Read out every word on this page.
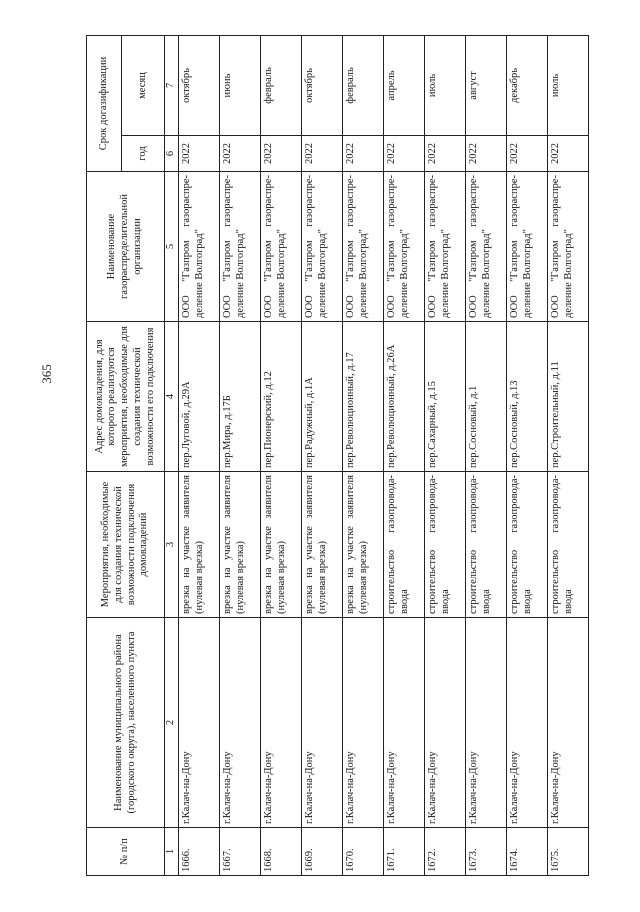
365
№ п/п	Наименование муниципального района (городского округа), населенного пункта	Мероприятия, необходимые для создания технической возможности подключения домовладений	Адрес домовладения, для которого реализуются мероприятия, необходимые для создания технической возможности его подключения	Наименование газораспределительной организации	Срок догазификации	
					год	месяц
1	2	3	4	5	6	7
1666.	г.Калач-на-Дону	врезка на участке заявителя (нулевая врезка)	пер.Луговой, д.29А	ООО "Газпром газораспре-деление Волгоград"	2022	октябрь
1667.	г.Калач-на-Дону	врезка на участке заявителя (нулевая врезка)	пер.Мира, д.17Б	ООО "Газпром газораспре-деление Волгоград"	2022	июнь
1668.	г.Калач-на-Дону	врезка на участке заявителя (нулевая врезка)	пер.Пионерский, д.12	ООО "Газпром газораспре-деление Волгоград"	2022	февраль
1669.	г.Калач-на-Дону	врезка на участке заявителя (нулевая врезка)	пер.Радужный, д.1А	ООО "Газпром газораспре-деление Волгоград"	2022	октябрь
1670.	г.Калач-на-Дону	врезка на участке заявителя (нулевая врезка)	пер.Революционный, д.17	ООО "Газпром газораспре-деление Волгоград"	2022	февраль
1671.	г.Калач-на-Дону	строительство газопровода-ввода	пер.Революционный, д.26А	ООО "Газпром газораспре-деление Волгоград"	2022	апрель
1672.	г.Калач-на-Дону	строительство газопровода-ввода	пер.Сахарный, д.15	ООО "Газпром газораспре-деление Волгоград"	2022	июль
1673.	г.Калач-на-Дону	строительство газопровода-ввода	пер.Сосновый, д.1	ООО "Газпром газораспре-деление Волгоград"	2022	август
1674.	г.Калач-на-Дону	строительство газопровода-ввода	пер.Сосновый, д.13	ООО "Газпром газораспре-деление Волгоград"	2022	декабрь
1675.	г.Калач-на-Дону	строительство газопровода-ввода	пер.Строительный, д.11	ООО "Газпром газораспре-деление Волгоград"	2022	июль
